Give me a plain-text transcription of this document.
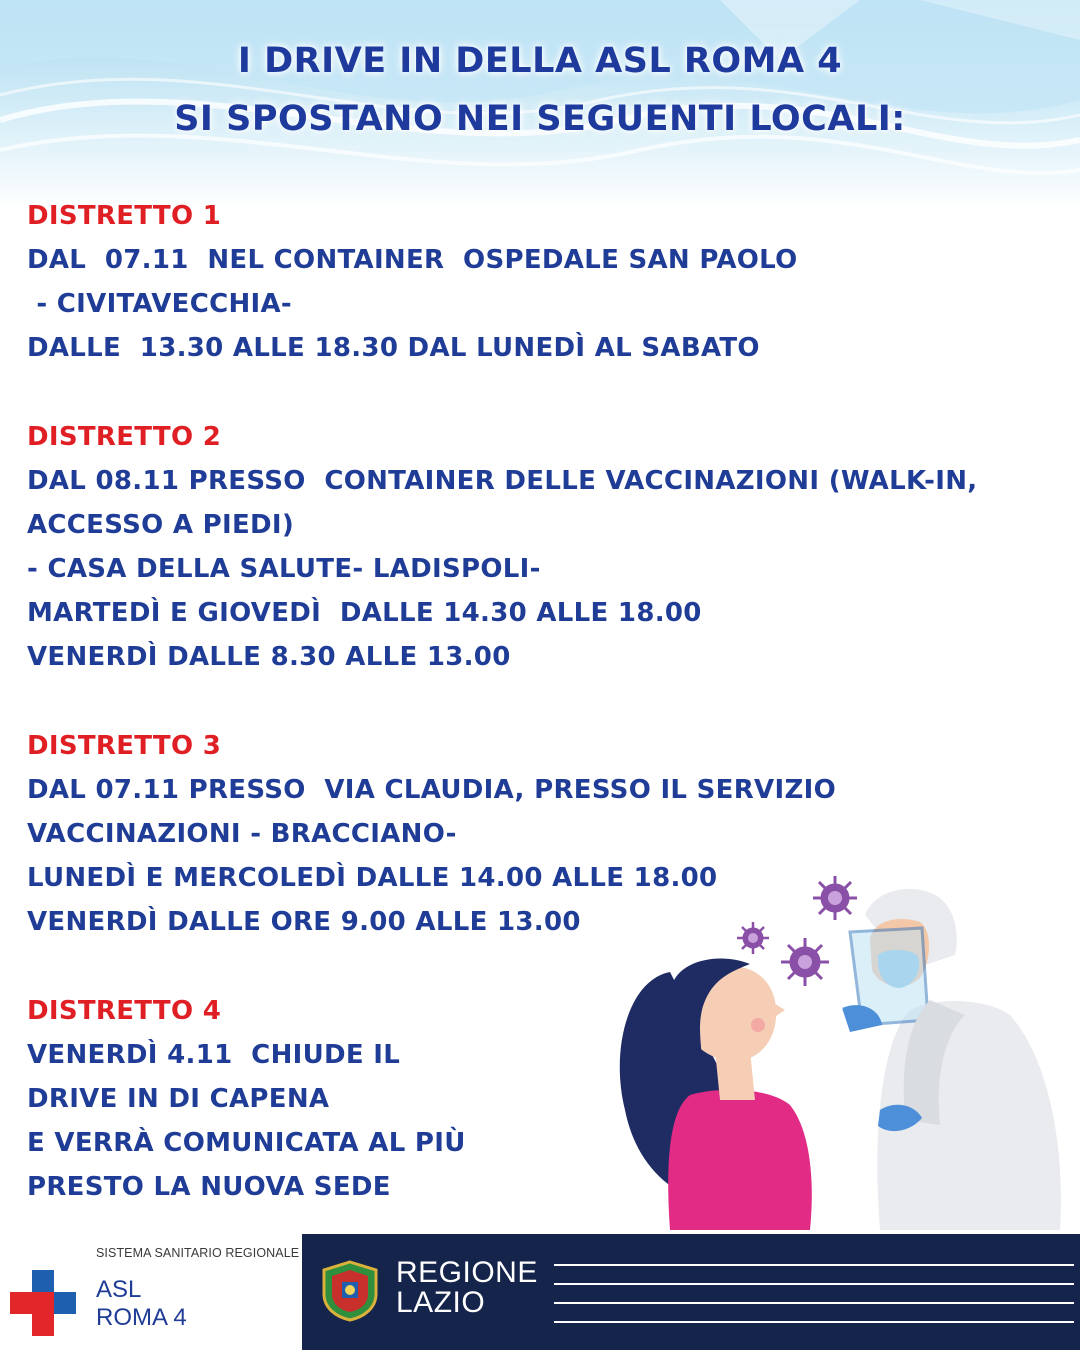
I DRIVE IN DELLA ASL ROMA 4
SI SPOSTANO NEI SEGUENTI LOCALI:
DISTRETTO 1
DAL  07.11  NEL CONTAINER  OSPEDALE SAN PAOLO
- CIVITAVECCHIA-
DALLE  13.30 ALLE 18.30 DAL LUNEDÌ AL SABATO
DISTRETTO 2
DAL 08.11 PRESSO  CONTAINER DELLE VACCINAZIONI (WALK-IN,
ACCESSO A PIEDI)
- CASA DELLA SALUTE- LADISPOLI-
MARTEDÌ E GIOVEDÌ  DALLE 14.30 ALLE 18.00
VENERDÌ DALLE 8.30 ALLE 13.00
DISTRETTO 3
DAL 07.11 PRESSO  VIA CLAUDIA, PRESSO IL SERVIZIO
VACCINAZIONI - BRACCIANO-
LUNEDÌ E MERCOLEDÌ DALLE 14.00 ALLE 18.00
VENERDÌ DALLE ORE 9.00 ALLE 13.00
DISTRETTO 4
VENERDÌ 4.11  CHIUDE IL
DRIVE IN DI CAPENA
E VERRÀ COMUNICATA AL PIÙ
PRESTO LA NUOVA SEDE
SISTEMA SANITARIO REGIONALE
ASL
ROMA 4
REGIONE
LAZIO
